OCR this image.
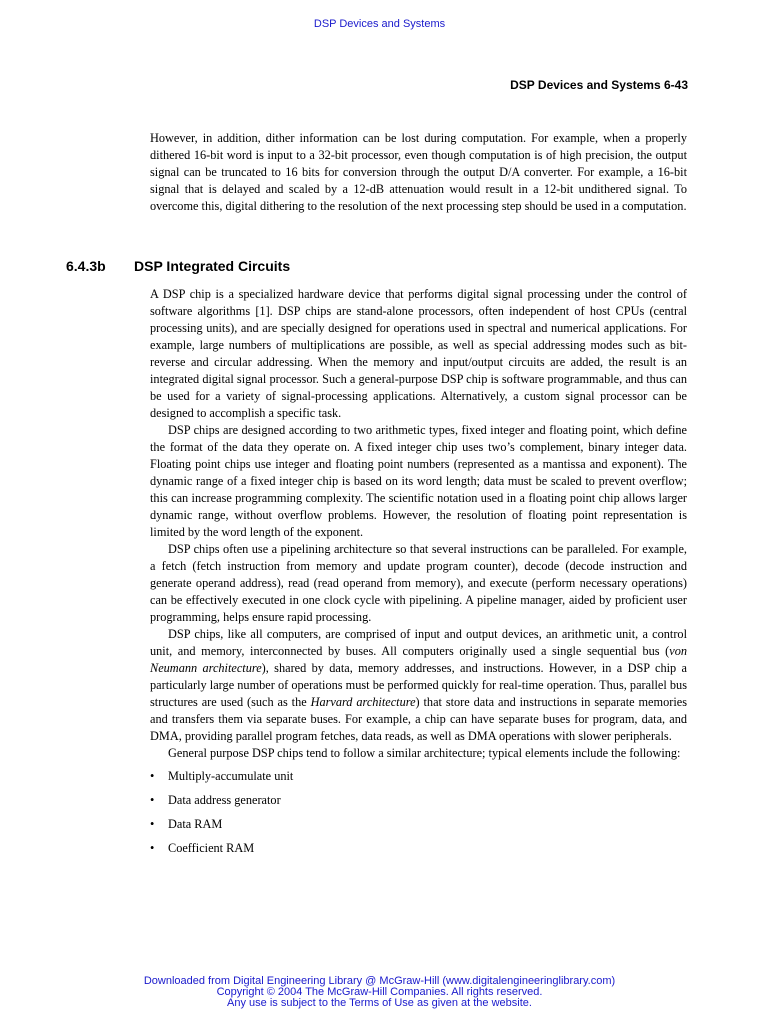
DSP Devices and Systems
DSP Devices and Systems 6-43

However, in addition, dither information can be lost during computation. For example, when a properly dithered 16-bit word is input to a 32-bit processor, even though computation is of high precision, the output signal can be truncated to 16 bits for conversion through the output D/A converter. For example, a 16-bit signal that is delayed and scaled by a 12-dB attenuation would result in a 12-bit undithered signal. To overcome this, digital dithering to the resolution of the next processing step should be used in a computation.

6.4.3b DSP Integrated Circuits

A DSP chip is a specialized hardware device that performs digital signal processing under the control of software algorithms [1]. DSP chips are stand-alone processors, often independent of host CPUs (central processing units), and are specially designed for operations used in spectral and numerical applications. For example, large numbers of multiplications are possible, as well as special addressing modes such as bit-reverse and circular addressing. When the memory and input/output circuits are added, the result is an integrated digital signal processor. Such a general-purpose DSP chip is software programmable, and thus can be used for a variety of signal-processing applications. Alternatively, a custom signal processor can be designed to accomplish a specific task.

DSP chips are designed according to two arithmetic types, fixed integer and floating point, which define the format of the data they operate on. A fixed integer chip uses two’s complement, binary integer data. Floating point chips use integer and floating point numbers (represented as a mantissa and exponent). The dynamic range of a fixed integer chip is based on its word length; data must be scaled to prevent overflow; this can increase programming complexity. The scientific notation used in a floating point chip allows larger dynamic range, without overflow problems. However, the resolution of floating point representation is limited by the word length of the exponent.

DSP chips often use a pipelining architecture so that several instructions can be paralleled. For example, a fetch (fetch instruction from memory and update program counter), decode (decode instruction and generate operand address), read (read operand from memory), and execute (perform necessary operations) can be effectively executed in one clock cycle with pipelining. A pipeline manager, aided by proficient user programming, helps ensure rapid processing.

DSP chips, like all computers, are comprised of input and output devices, an arithmetic unit, a control unit, and memory, interconnected by buses. All computers originally used a single sequential bus (von Neumann architecture), shared by data, memory addresses, and instructions. However, in a DSP chip a particularly large number of operations must be performed quickly for real-time operation. Thus, parallel bus structures are used (such as the Harvard architecture) that store data and instructions in separate memories and transfers them via separate buses. For example, a chip can have separate buses for program, data, and DMA, providing parallel program fetches, data reads, as well as DMA operations with slower peripherals.

General purpose DSP chips tend to follow a similar architecture; typical elements include the following:

• Multiply-accumulate unit
• Data address generator
• Data RAM
• Coefficient RAM
Downloaded from Digital Engineering Library @ McGraw-Hill (www.digitalengineeringlibrary.com)
Copyright © 2004 The McGraw-Hill Companies. All rights reserved.
Any use is subject to the Terms of Use as given at the website.
